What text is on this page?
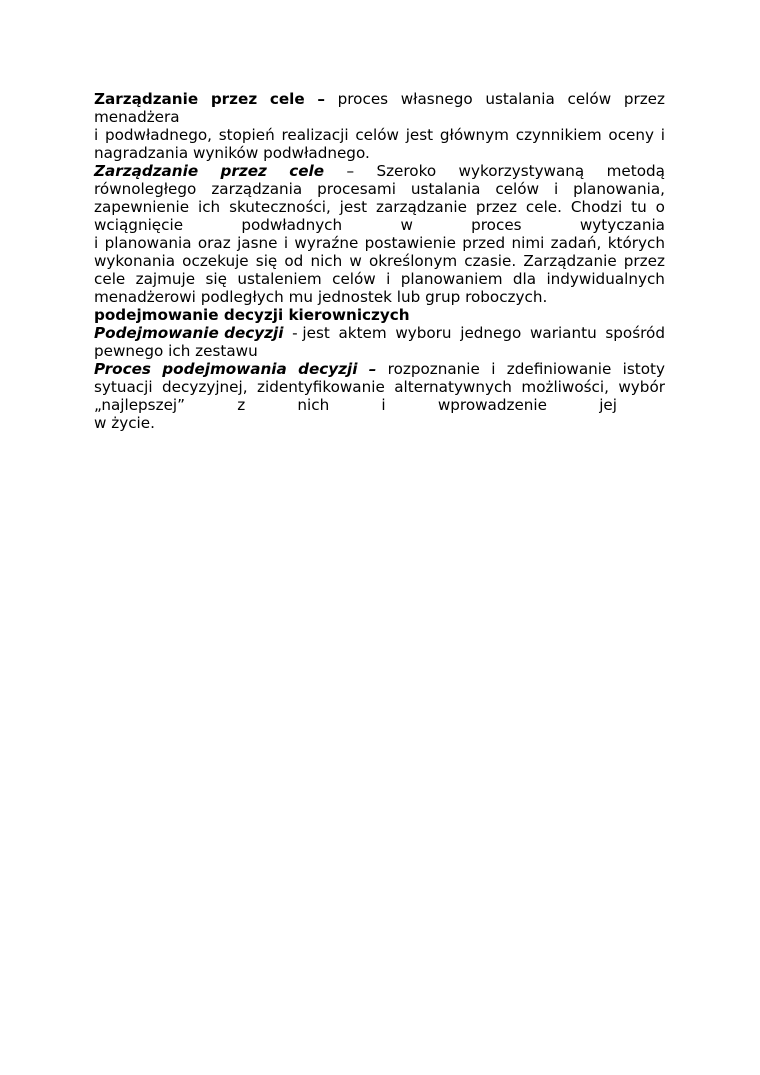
Zarządzanie przez cele – proces własnego ustalania celów przez
menadżera
i podwładnego, stopień realizacji celów jest głównym czynnikiem oceny i
nagradzania wyników podwładnego.
Zarządzanie przez cele – Szeroko wykorzystywaną metodą
równoległego zarządzania procesami ustalania celów i planowania,
zapewnienie ich skuteczności, jest zarządzanie przez cele. Chodzi tu o
wciągnięcie	podwładnych	w	proces	wytyczania
i planowania oraz jasne i wyraźne postawienie przed nimi zadań, których
wykonania oczekuje się od nich w określonym czasie. Zarządzanie przez
cele zajmuje się ustaleniem celów i planowaniem dla indywidualnych
menadżerowi podległych mu jednostek lub grup roboczych.
podejmowanie decyzji kierowniczych
Podejmowanie decyzji - jest aktem wyboru jednego wariantu spośród
pewnego ich zestawu
Proces podejmowania decyzji – rozpoznanie i zdefiniowanie istoty
sytuacji decyzyjnej, zidentyfikowanie alternatywnych możliwości, wybór
„najlepszej”	z	nich	i	wprowadzenie	jej
w życie.
